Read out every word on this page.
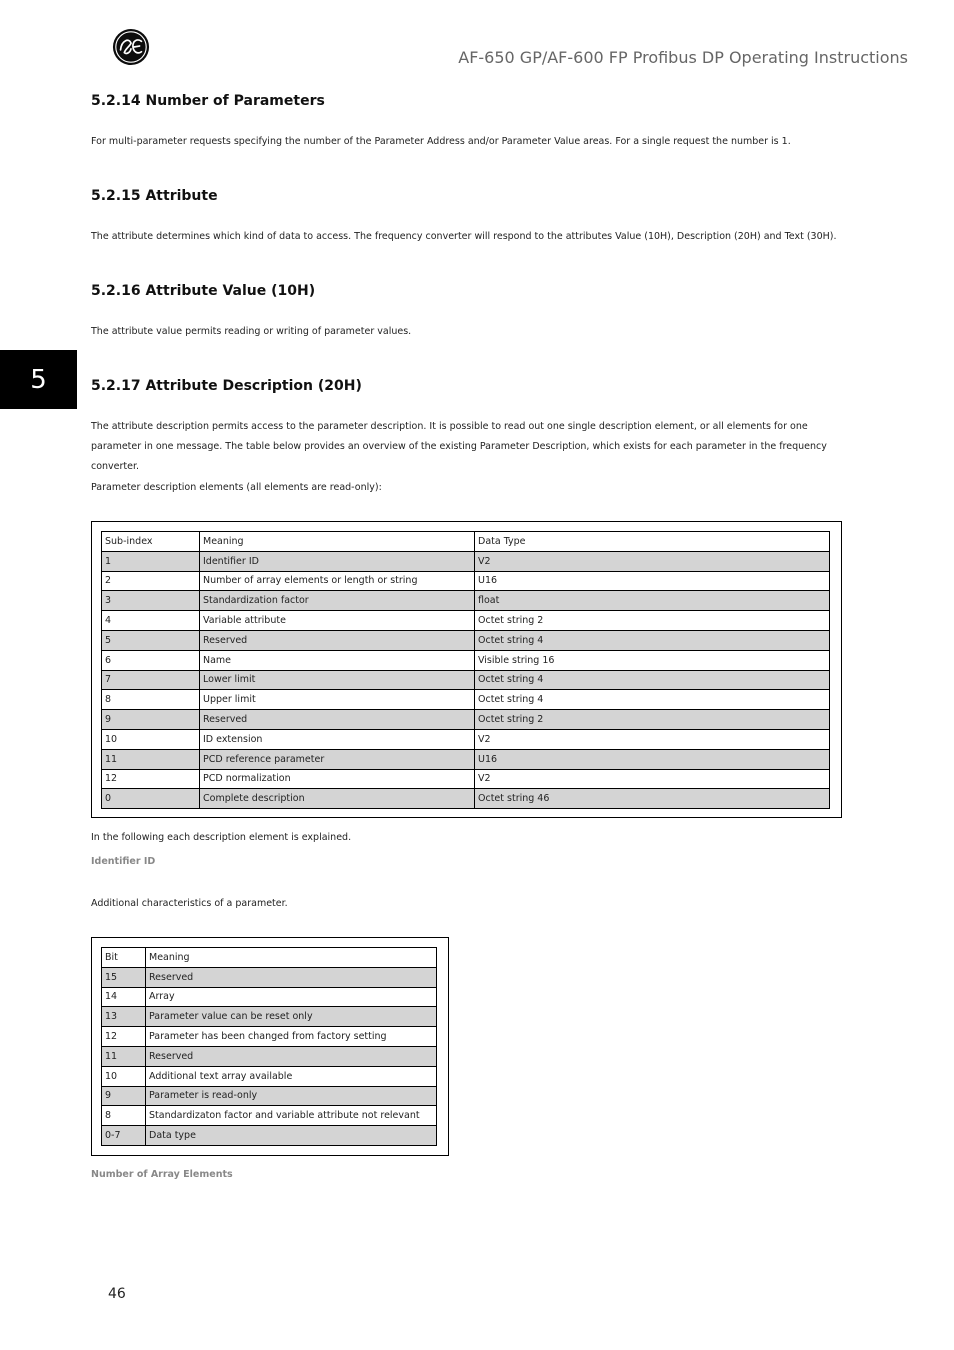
AF-650 GP/AF-600 FP Profibus DP Operating Instructions
5
5.2.14 Number of Parameters

For multi-parameter requests specifying the number of the Parameter Address and/or Parameter Value areas. For a single request the number is 1.

5.2.15 Attribute

The attribute determines which kind of data to access. The frequency converter will respond to the attributes Value (10H), Description (20H) and Text (30H).

5.2.16 Attribute Value (10H)

The attribute value permits reading or writing of parameter values.

5.2.17 Attribute Description (20H)

The attribute description permits access to the parameter description. It is possible to read out one single description element, or all elements for one parameter in one message. The table below provides an overview of the existing Parameter Description, which exists for each parameter in the frequency converter.

Parameter description elements (all elements are read-only):

Sub-index	Meaning	Data Type
1	Identifier ID	V2
2	Number of array elements or length or string	U16
3	Standardization factor	float
4	Variable attribute	Octet string 2
5	Reserved	Octet string 4
6	Name	Visible string 16
7	Lower limit	Octet string 4
8	Upper limit	Octet string 4
9	Reserved	Octet string 2
10	ID extension	V2
11	PCD reference parameter	U16
12	PCD normalization	V2
0	Complete description	Octet string 46

In the following each description element is explained.

Identifier ID

Additional characteristics of a parameter.

Bit	Meaning
15	Reserved
14	Array
13	Parameter value can be reset only
12	Parameter has been changed from factory setting
11	Reserved
10	Additional text array available
9	Parameter is read-only
8	Standardizaton factor and variable attribute not relevant
0-7	Data type
Number of Array Elements
46
